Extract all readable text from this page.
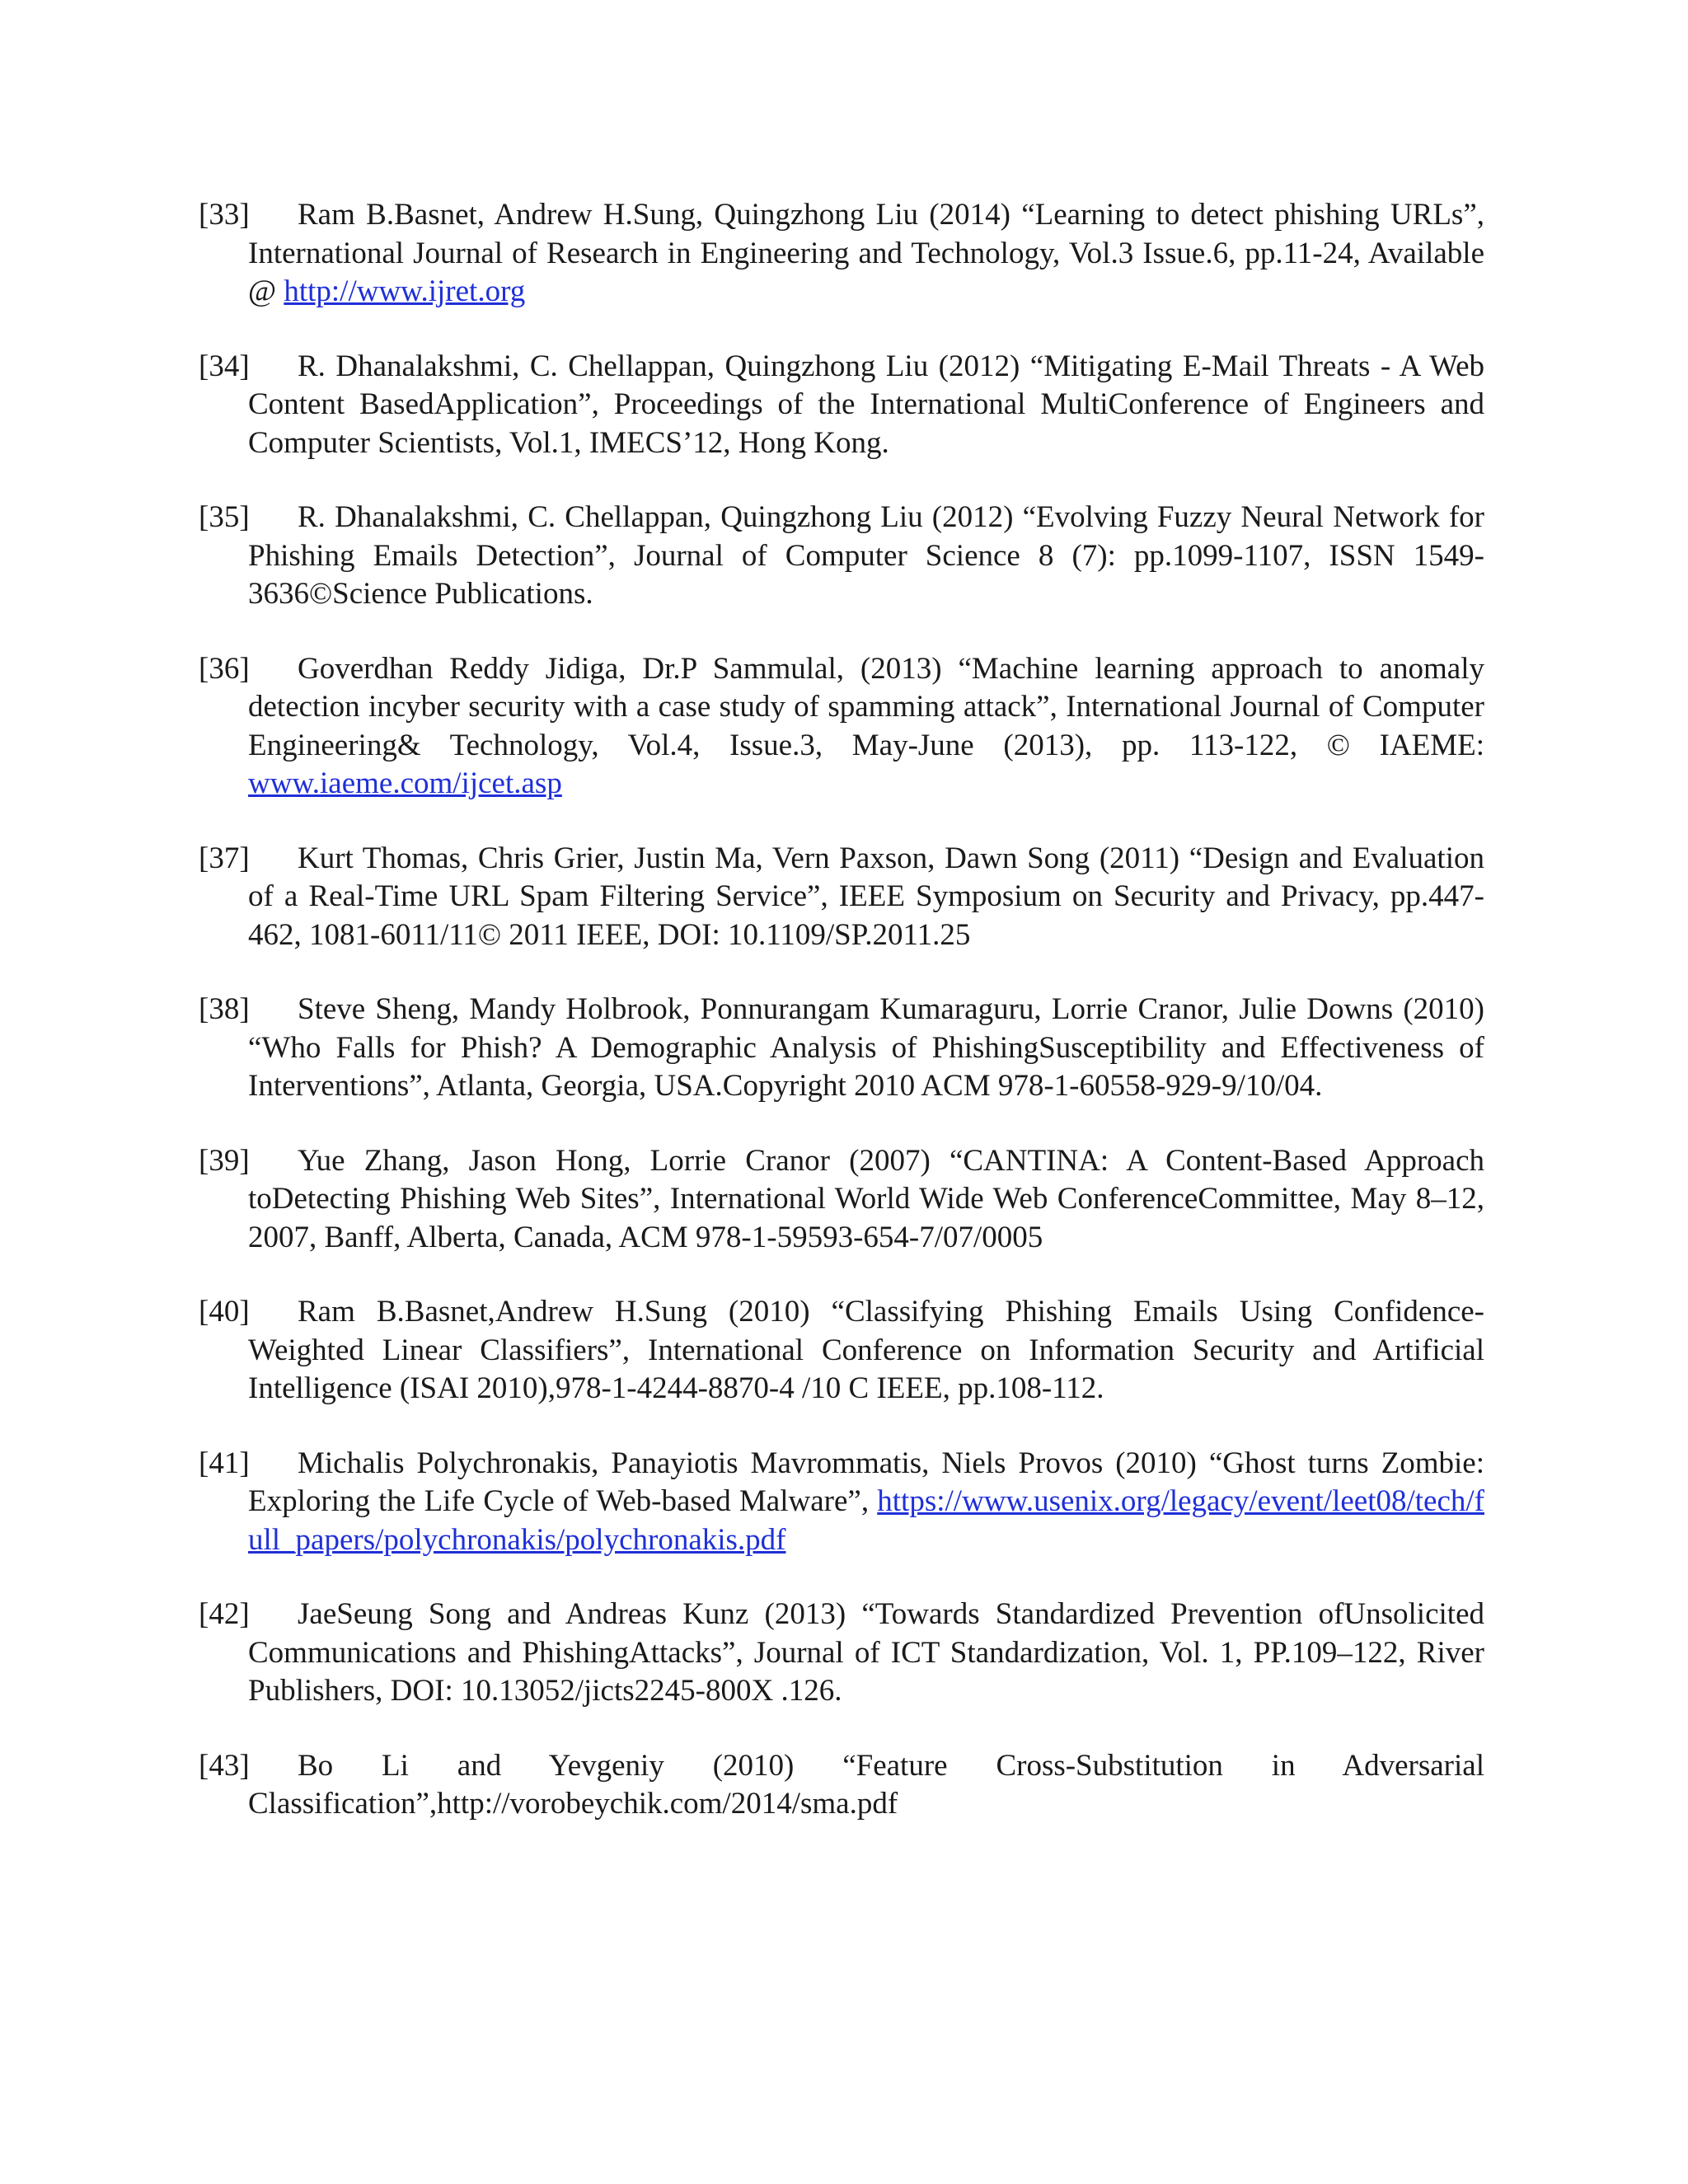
[33] Ram B.Basnet, Andrew H.Sung, Quingzhong Liu (2014) “Learning to detect phishing URLs”, International Journal of Research in Engineering and Technology, Vol.3 Issue.6, pp.11-24, Available @ http://www.ijret.org

[34] R. Dhanalakshmi, C. Chellappan, Quingzhong Liu (2012) “Mitigating E-Mail Threats - A Web Content BasedApplication”, Proceedings of the International MultiConference of Engineers and Computer Scientists, Vol.1, IMECS’12, Hong Kong.

[35] R. Dhanalakshmi, C. Chellappan, Quingzhong Liu (2012) “Evolving Fuzzy Neural Network for Phishing Emails Detection”, Journal of Computer Science 8 (7): pp.1099-1107, ISSN 1549-3636©Science Publications.

[36] Goverdhan Reddy Jidiga, Dr.P Sammulal, (2013) “Machine learning approach to anomaly detection incyber security with a case study of spamming attack”, International Journal of Computer Engineering& Technology, Vol.4, Issue.3, May-June (2013), pp. 113-122, © IAEME: www.iaeme.com/ijcet.asp

[37] Kurt Thomas, Chris Grier, Justin Ma, Vern Paxson, Dawn Song (2011) “Design and Evaluation of a Real-Time URL Spam Filtering Service”, IEEE Symposium on Security and Privacy, pp.447-462, 1081-6011/11© 2011 IEEE, DOI: 10.1109/SP.2011.25

[38] Steve Sheng, Mandy Holbrook, Ponnurangam Kumaraguru, Lorrie Cranor, Julie Downs (2010) “Who Falls for Phish? A Demographic Analysis of PhishingSusceptibility and Effectiveness of Interventions”, Atlanta, Georgia, USA.Copyright 2010 ACM 978-1-60558-929-9/10/04.

[39] Yue Zhang, Jason Hong, Lorrie Cranor (2007) “CANTINA: A Content-Based Approach toDetecting Phishing Web Sites”, International World Wide Web ConferenceCommittee, May 8–12, 2007, Banff, Alberta, Canada, ACM 978-1-59593-654-7/07/0005

[40] Ram B.Basnet,Andrew H.Sung (2010) “Classifying Phishing Emails Using Confidence-Weighted Linear Classifiers”, International Conference on Information Security and Artificial Intelligence (ISAI 2010),978-1-4244-8870-4 /10 C IEEE, pp.108-112.

[41] Michalis Polychronakis, Panayiotis Mavrommatis, Niels Provos (2010) “Ghost turns Zombie: Exploring the Life Cycle of Web-based Malware”, https://www.usenix.org/legacy/event/leet08/tech/full_papers/polychronakis/polychronakis.pdf

[42] JaeSeung Song and Andreas Kunz (2013) “Towards Standardized Prevention ofUnsolicited Communications and PhishingAttacks”, Journal of ICT Standardization, Vol. 1, PP.109–122, River Publishers, DOI: 10.13052/jicts2245-800X .126.

[43] Bo Li and Yevgeniy (2010) “Feature Cross-Substitution in Adversarial Classification”,http://vorobeychik.com/2014/sma.pdf
